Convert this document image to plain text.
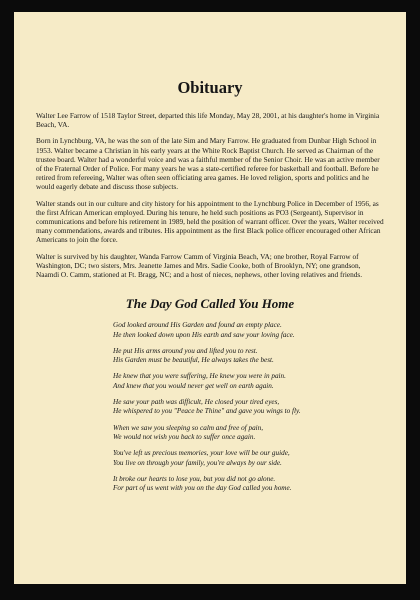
Obituary

Walter Lee Farrow of 1518 Taylor Street, departed this life Monday, May 28, 2001, at his daughter's home in Virginia Beach, VA.

Born in Lynchburg, VA, he was the son of the late Sim and Mary Farrow. He graduated from Dunbar High School in 1953. Walter became a Christian in his early years at the White Rock Baptist Church. He served as Chairman of the trustee board. Walter had a wonderful voice and was a faithful member of the Senior Choir. He was an active member of the Fraternal Order of Police. For many years he was a state-certified referee for basketball and football. Before he retired from refereeing, Walter was often seen officiating area games. He loved religion, sports and politics and he would eagerly debate and discuss those subjects.

Walter stands out in our culture and city history for his appointment to the Lynchburg Police in December of 1956, as the first African American employed. During his tenure, he held such positions as PO3 (Sergeant), Supervisor in communications and before his retirement in 1989, held the position of warrant officer. Over the years, Walter received many commendations, awards and tributes. His appointment as the first Black police officer encouraged other African Americans to join the force.

Walter is survived by his daughter, Wanda Farrow Camm of Virginia Beach, VA; one brother, Royal Farrow of Washington, DC; two sisters, Mrs. Jeanette James and Mrs. Sadie Cooke, both of Brooklyn, NY; one grandson, Naamdi O. Camm, stationed at Ft. Bragg, NC; and a host of nieces, nephews, other loving relatives and friends.

The Day God Called You Home

God looked around His Garden and found an empty place.
He then looked down upon His earth and saw your loving face.

He put His arms around you and lifted you to rest.
His Garden must be beautiful, He always takes the best.

He knew that you were suffering, He knew you were in pain.
And knew that you would never get well on earth again.

He saw your path was difficult, He closed your tired eyes,
He whispered to you "Peace be Thine" and gave you wings to fly.

When we saw you sleeping so calm and free of pain,
We would not wish you back to suffer once again.

You've left us precious memories, your love will be our guide,
You live on through your family, you're always by our side.

It broke our hearts to lose you, but you did not go alone.
For part of us went with you on the day God called you home.
